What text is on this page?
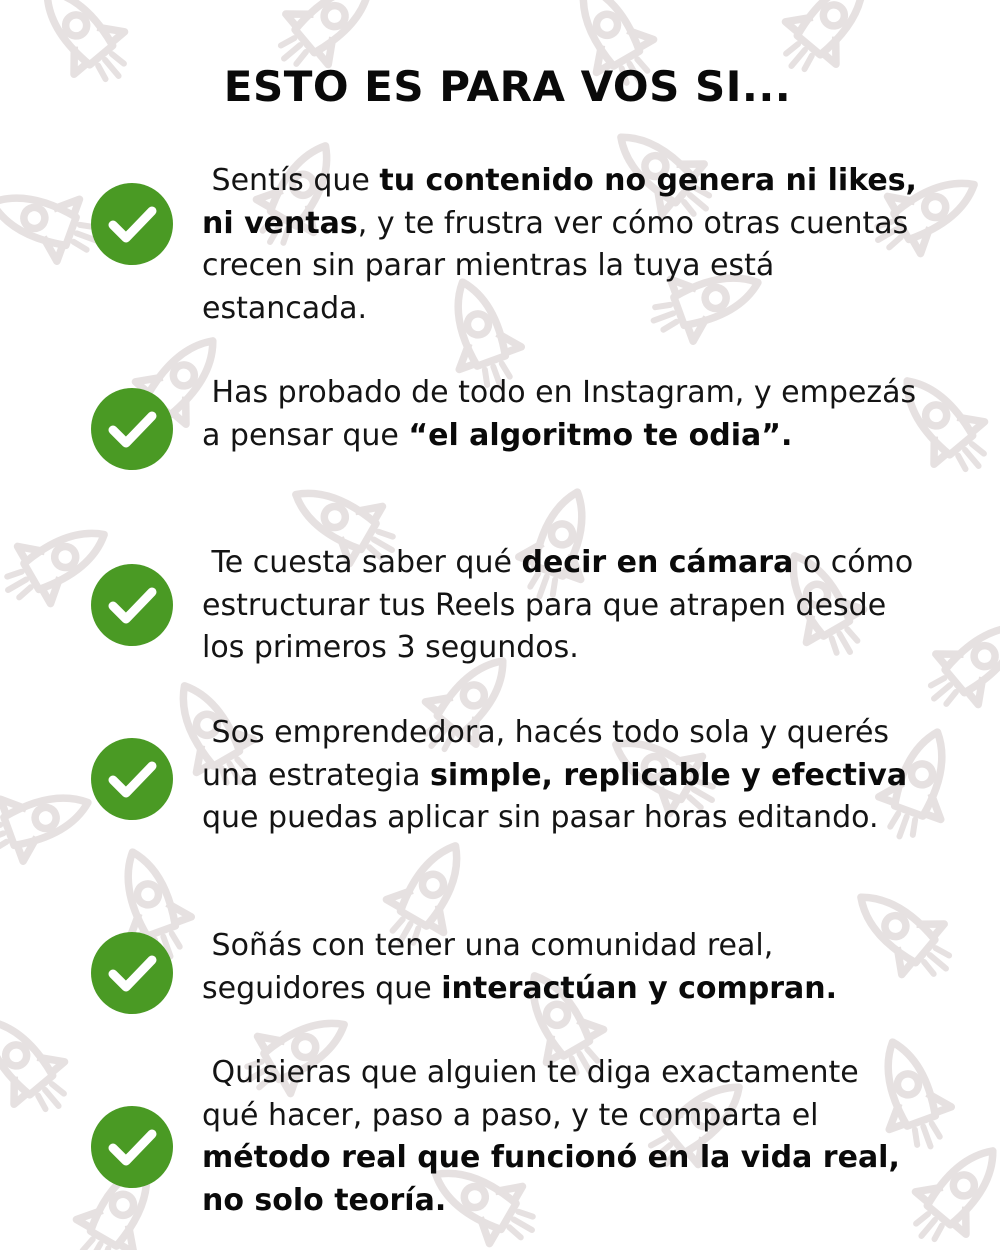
ESTO ES PARA VOS SI...
Sentís que tu contenido no genera ni likes, ni ventas, y te frustra ver cómo otras cuentas crecen sin parar mientras la tuya está estancada.
Has probado de todo en Instagram, y empezás a pensar que “el algoritmo te odia”.
Te cuesta saber qué decir en cámara o cómo estructurar tus Reels para que atrapen desde los primeros 3 segundos.
Sos emprendedora, hacés todo sola y querés una estrategia simple, replicable y efectiva que puedas aplicar sin pasar horas editando.
Soñás con tener una comunidad real, seguidores que interactúan y compran.
Quisieras que alguien te diga exactamente qué hacer, paso a paso, y te comparta el método real que funcionó en la vida real, no solo teoría.
